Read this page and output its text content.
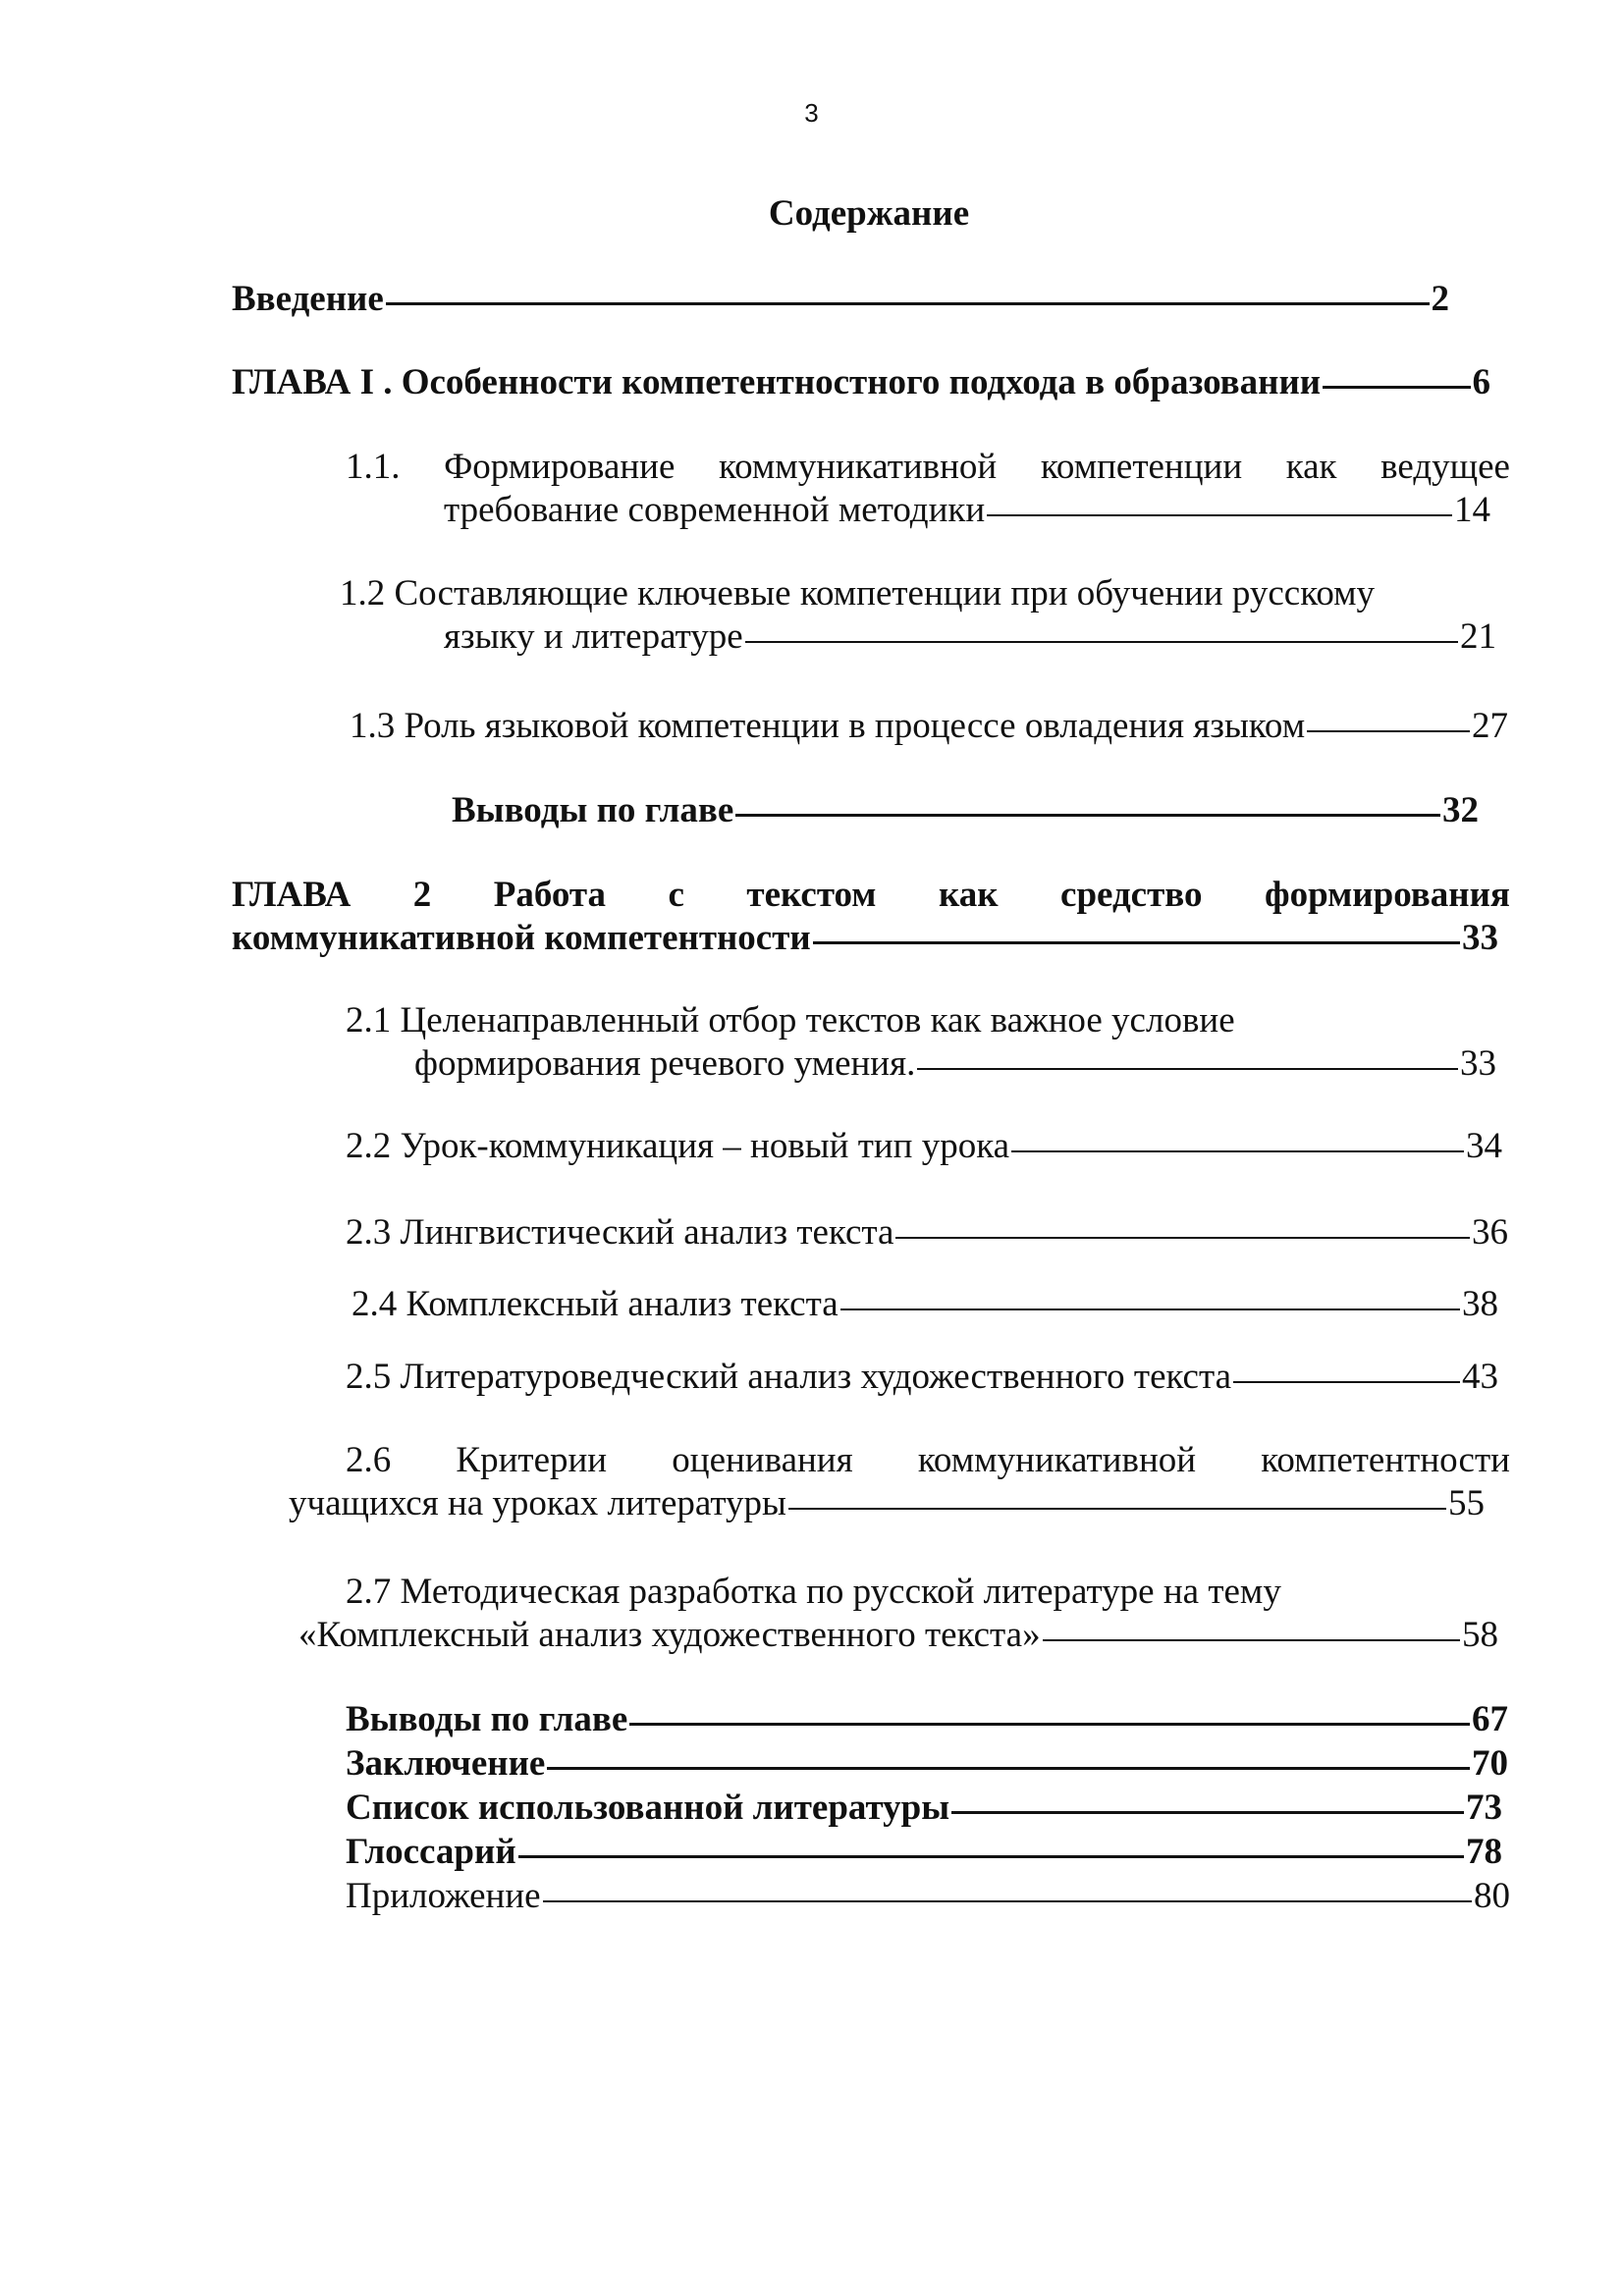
3
Содержание
Введение	2
ГЛАВА I . Особенности компетентностного подхода в образовании	6
1.1. Формирование коммуникативной компетенции как ведущее
требование современной методики	14
1.2 Составляющие ключевые компетенции при обучении русскому
языку и литературе	21
1.3 Роль языковой компетенции в процессе овладения языком	27
Выводы по главе	32
ГЛАВА 2 Работа с текстом как средство формирования
коммуникативной компетентности	33
2.1 Целенаправленный отбор текстов как важное условие
формирования речевого умения.	33
2.2 Урок-коммуникация – новый тип урока	34
2.3 Лингвистический анализ текста	36
2.4 Комплексный анализ текста	38
2.5 Литературоведческий анализ художественного текста	43
2.6 Критерии оценивания коммуникативной компетентности
учащихся на уроках литературы	55
2.7 Методическая разработка по русской литературе на тему
«Комплексный анализ художественного текста»	58
Выводы по главе	67
Заключение	70
Список использованной литературы	73
Глоссарий	78
Приложение	80
